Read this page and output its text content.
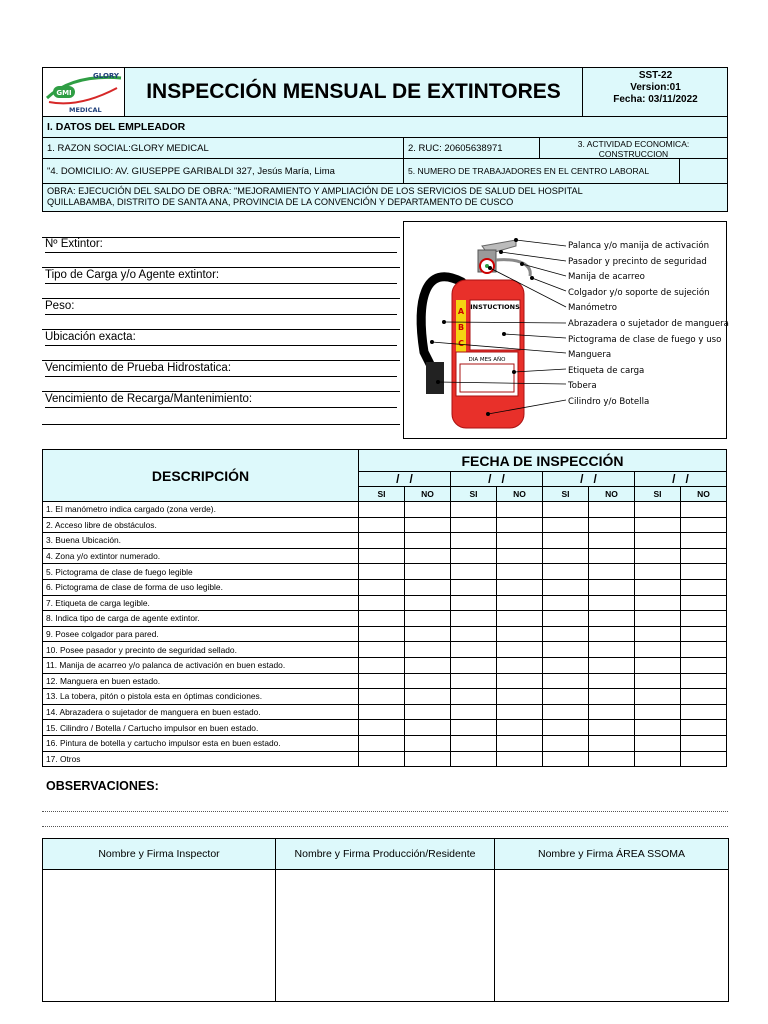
GMI
GLORY
MEDICAL
INSPECCIÓN MENSUAL DE EXTINTORES
SST-22
Version:01
Fecha: 03/11/2022
I. DATOS DEL EMPLEADOR
1. RAZON SOCIAL:GLORY MEDICAL	2. RUC: 20605638971	3. ACTIVIDAD ECONOMICA:
CONSTRUCCION
"4. DOMICILIO: AV. GIUSEPPE GARIBALDI 327, Jesús María, Lima	5. NUMERO DE TRABAJADORES EN EL CENTRO LABORAL
OBRA: EJECUCIÓN DEL SALDO DE OBRA: "MEJORAMIENTO Y AMPLIACIÓN DE LOS SERVICIOS DE SALUD DEL HOSPITAL
QUILLABAMBA, DISTRITO DE SANTA ANA, PROVINCIA DE LA CONVENCIÓN Y DEPARTAMENTO DE CUSCO
INSTUCTIONS
A
B
C
DIA MES AÑO
Palanca y/o manija de activación
Pasador y precinto de seguridad
Manija de acarreo
Colgador y/o soporte de sujeción
Manómetro
Abrazadera o sujetador de manguera
Pictograma de clase de fuego y uso
Manguera
Etiqueta de carga
Tobera
Cilindro y/o Botella
DESCRIPCIÓN
FECHA DE INSPECCIÓN
/   /	/   /	/   /	/   /
SI	NO	SI	NO	SI	NO	SI	NO
1. El manómetro indica cargado (zona verde).
2. Acceso libre de obstáculos.
3. Buena Ubicación.
4. Zona y/o extintor numerado.
5. Pictograma de clase de fuego legible
6. Pictograma de clase de forma de uso legible.
7. Etiqueta de carga legible.
8. Indica tipo de carga de agente extintor.
9. Posee colgador para pared.
10. Posee pasador y precinto de seguridad sellado.
11. Manija de acarreo y/o palanca de activación en buen estado.
12. Manguera en buen estado.
13. La tobera, pitón o pistola esta en óptimas condiciones.
14. Abrazadera o sujetador de manguera en buen estado.
15. Cilindro / Botella / Cartucho impulsor en buen estado.
16. Pintura de botella y cartucho impulsor esta en buen estado.
17. Otros
OBSERVACIONES:
Nombre y Firma Inspector	Nombre y Firma Producción/Residente	Nombre y Firma ÁREA SSOMA
Nº Extintor:
Tipo de Carga y/o Agente extintor:
Peso:
Ubicación exacta:
Vencimiento de Prueba Hidrostatica:
Vencimiento de Recarga/Mantenimiento:
